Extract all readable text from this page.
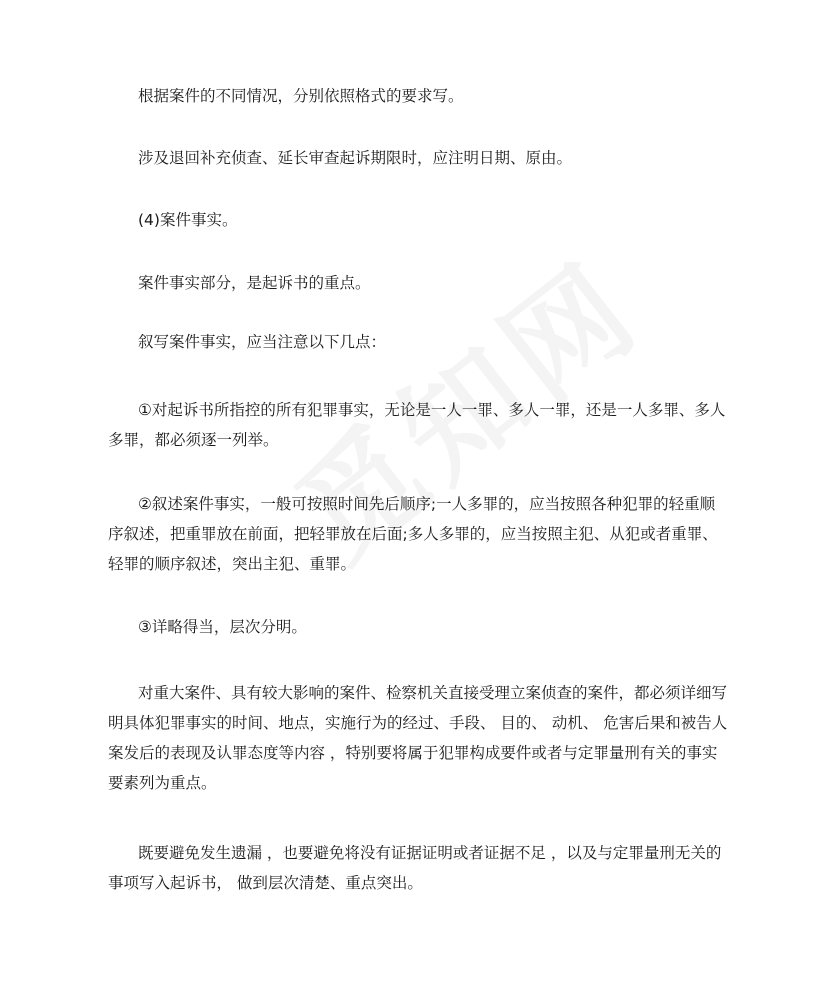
根据案件的不同情况，分别依照格式的要求写。

涉及退回补充侦查、延长审查起诉期限时，应注明日期、原由。

(4)案件事实。

案件事实部分，是起诉书的重点。

叙写案件事实，应当注意以下几点：

①对起诉书所指控的所有犯罪事实，无论是一人一罪、多人一罪，还是一人多罪、多人多罪，都必须逐一列举。

②叙述案件事实，一般可按照时间先后顺序;一人多罪的，应当按照各种犯罪的轻重顺序叙述，把重罪放在前面，把轻罪放在后面;多人多罪的，应当按照主犯、从犯或者重罪、轻罪的顺序叙述，突出主犯、重罪。

③详略得当，层次分明。

对重大案件、具有较大影响的案件、检察机关直接受理立案侦查的案件，都必须详细写明具体犯罪事实的时间、地点，实施行为的经过、手段、 目的、 动机、 危害后果和被告人案发后的表现及认罪态度等内容 ，特别要将属于犯罪构成要件或者与定罪量刑有关的事实要素列为重点。

既要避免发生遗漏 ，也要避免将没有证据证明或者证据不足 ，以及与定罪量刑无关的事项写入起诉书， 做到层次清楚、重点突出。
